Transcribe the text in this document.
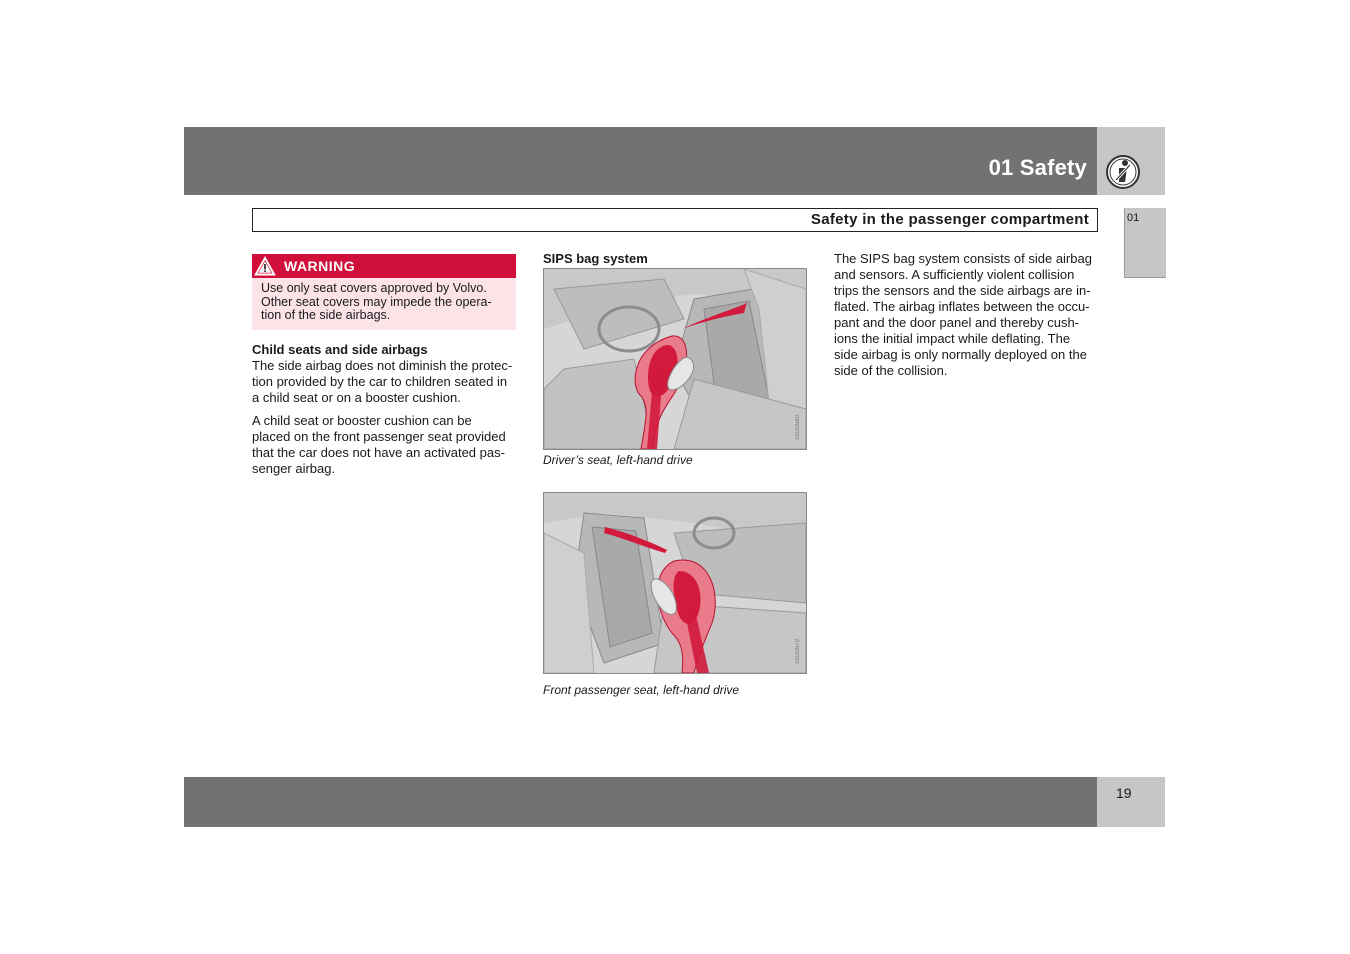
01 Safety
Safety in the passenger compartment	01
WARNING
Use only seat covers approved by Volvo.
Other seat covers may impede the opera-
tion of the side airbags.
Child seats and side airbags
The side airbag does not diminish the protec-
tion provided by the car to children seated in
a child seat or on a booster cushion.
A child seat or booster cushion can be
placed on the front passenger seat provided
that the car does not have an activated pas-
senger airbag.
SIPS bag system
G020580
Driver’s seat, left-hand drive
G020579
Front passenger seat, left-hand drive
The SIPS bag system consists of side airbag
and sensors. A sufficiently violent collision
trips the sensors and the side airbags are in-
flated. The airbag inflates between the occu-
pant and the door panel and thereby cush-
ions the initial impact while deflating. The
side airbag is only normally deployed on the
side of the collision.
19
